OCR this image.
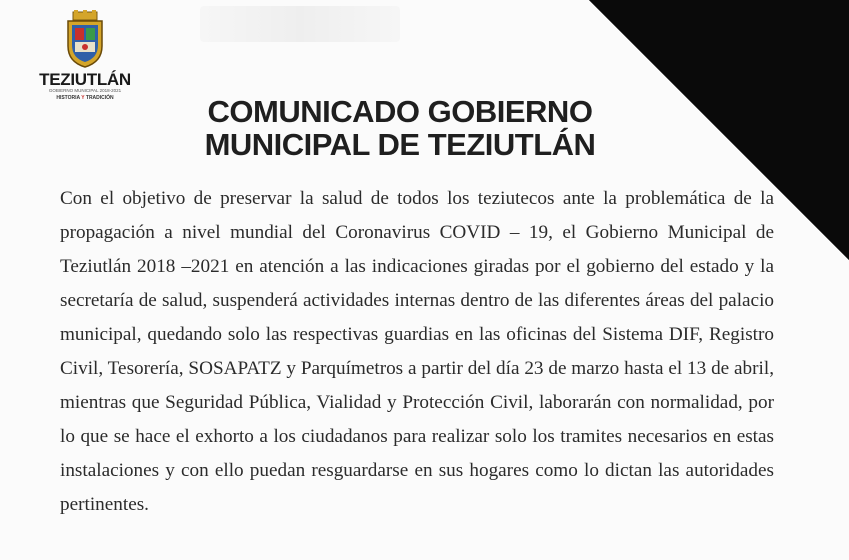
TEZIUTLÁN
GOBIERNO MUNICIPAL 2018-2021
HISTORIA Y TRADICIÓN	COMUNICADO GOBIERNO
MUNICIPAL DE TEZIUTLÁN

Con el objetivo de preservar la salud de todos los teziutecos ante la problemática de la propagación a nivel mundial del Coronavirus COVID – 19, el Gobierno Municipal de Teziutlán 2018 –2021 en atención a las indicaciones giradas por el gobierno del estado y la secretaría de salud, suspenderá actividades internas dentro de las diferentes áreas del palacio municipal, quedando solo las respectivas guardias en las oficinas del Sistema DIF, Registro Civil, Tesorería, SOSAPATZ y Parquímetros a partir del día 23 de marzo hasta el 13 de abril, mientras que Seguridad Pública, Vialidad y Protección Civil, laborarán con normalidad, por lo que se hace el exhorto a los ciudadanos para realizar solo los tramites necesarios en estas instalaciones y con ello puedan resguardarse en sus hogares como lo dictan las autoridades pertinentes.
